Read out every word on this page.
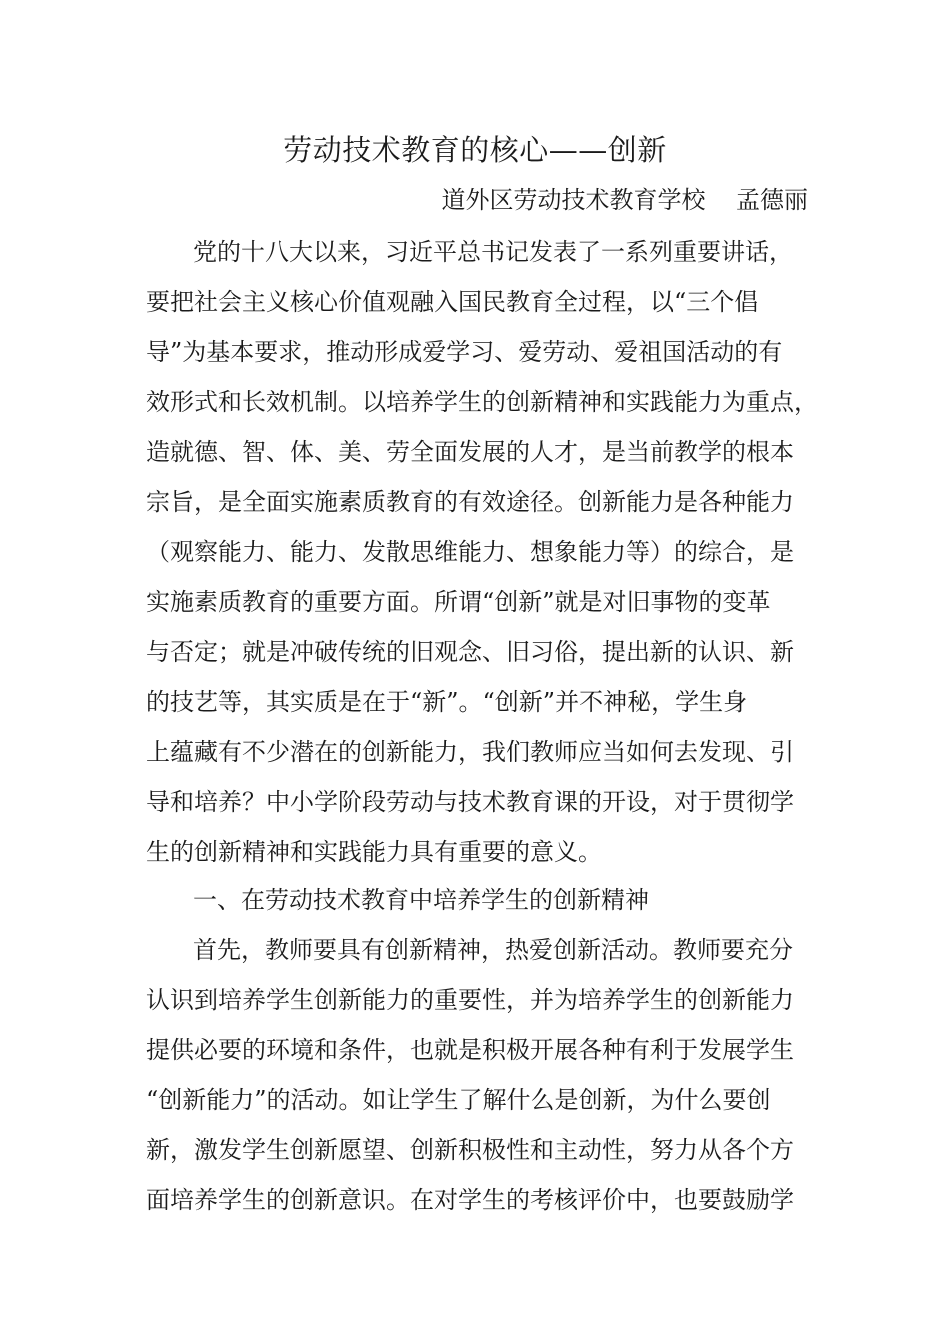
劳动技术教育的核心——创新
道外区劳动技术教育学校    孟德丽
党的十八大以来，习近平总书记发表了一系列重要讲话，
要把社会主义核心价值观融入国民教育全过程，以“三个倡
导”为基本要求，推动形成爱学习、爱劳动、爱祖国活动的有
效形式和长效机制。以培养学生的创新精神和实践能力为重点，
造就德、智、体、美、劳全面发展的人才，是当前教学的根本
宗旨，是全面实施素质教育的有效途径。创新能力是各种能力
（观察能力、能力、发散思维能力、想象能力等）的综合，是
实施素质教育的重要方面。所谓“创新”就是对旧事物的变革
与否定；就是冲破传统的旧观念、旧习俗，提出新的认识、新
的技艺等，其实质是在于“新”。“创新”并不神秘，学生身
上蕴藏有不少潜在的创新能力，我们教师应当如何去发现、引
导和培养？中小学阶段劳动与技术教育课的开设，对于贯彻学
生的创新精神和实践能力具有重要的意义。
一、在劳动技术教育中培养学生的创新精神
首先，教师要具有创新精神，热爱创新活动。教师要充分
认识到培养学生创新能力的重要性，并为培养学生的创新能力
提供必要的环境和条件，也就是积极开展各种有利于发展学生
“创新能力”的活动。如让学生了解什么是创新，为什么要创
新，激发学生创新愿望、创新积极性和主动性，努力从各个方
面培养学生的创新意识。在对学生的考核评价中，也要鼓励学
